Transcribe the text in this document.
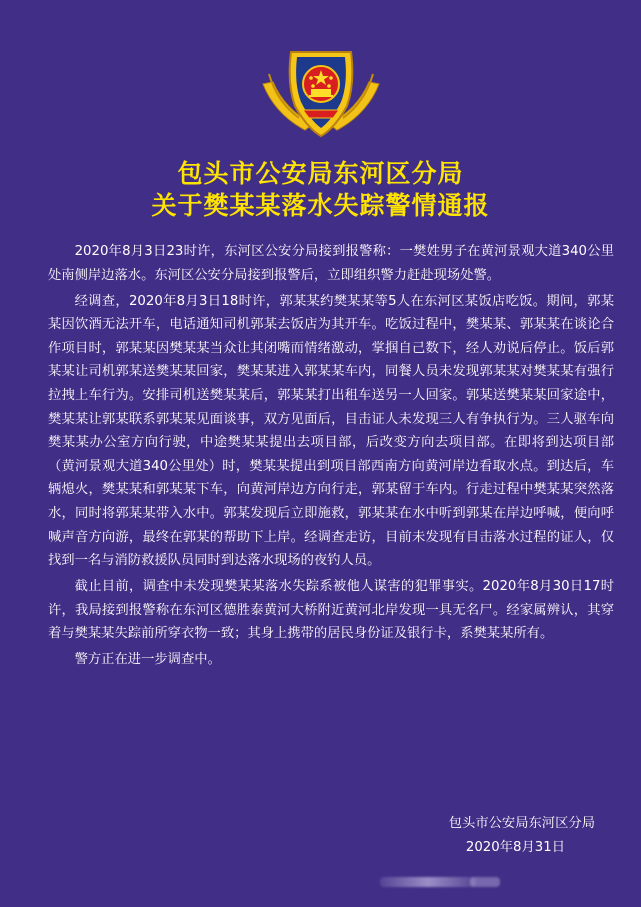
包头市公安局东河区分局
关于樊某某落水失踪警情通报

2020年8月3日23时许，东河区公安分局接到报警称：一樊姓男子在黄河景观大道340公里处南侧岸边落水。东河区公安分局接到报警后，立即组织警力赶赴现场处警。

经调查，2020年8月3日18时许，郭某某约樊某某等5人在东河区某饭店吃饭。期间，郭某某因饮酒无法开车，电话通知司机郭某去饭店为其开车。吃饭过程中，樊某某、郭某某在谈论合作项目时，郭某某因樊某某当众让其闭嘴而情绪激动，掌掴自己数下，经人劝说后停止。饭后郭某某让司机郭某送樊某某回家，樊某某进入郭某某车内，同餐人员未发现郭某某对樊某某有强行拉拽上车行为。安排司机送樊某某后，郭某某打出租车送另一人回家。郭某送樊某某回家途中，樊某某让郭某联系郭某某见面谈事，双方见面后，目击证人未发现三人有争执行为。三人驱车向樊某某办公室方向行驶，中途樊某某提出去项目部，后改变方向去项目部。在即将到达项目部（黄河景观大道340公里处）时，樊某某提出到项目部西南方向黄河岸边看取水点。到达后，车辆熄火，樊某某和郭某某下车，向黄河岸边方向行走，郭某留于车内。行走过程中樊某某突然落水，同时将郭某某带入水中。郭某发现后立即施救，郭某某在水中听到郭某在岸边呼喊，便向呼喊声音方向游，最终在郭某的帮助下上岸。经调查走访，目前未发现有目击落水过程的证人，仅找到一名与消防救援队员同时到达落水现场的夜钓人员。

截止目前，调查中未发现樊某某落水失踪系被他人谋害的犯罪事实。2020年8月30日17时许，我局接到报警称在东河区德胜泰黄河大桥附近黄河北岸发现一具无名尸。经家属辨认，其穿着与樊某某失踪前所穿衣物一致；其身上携带的居民身份证及银行卡，系樊某某所有。

警方正在进一步调查中。

包头市公安局东河区分局
2020年8月31日
